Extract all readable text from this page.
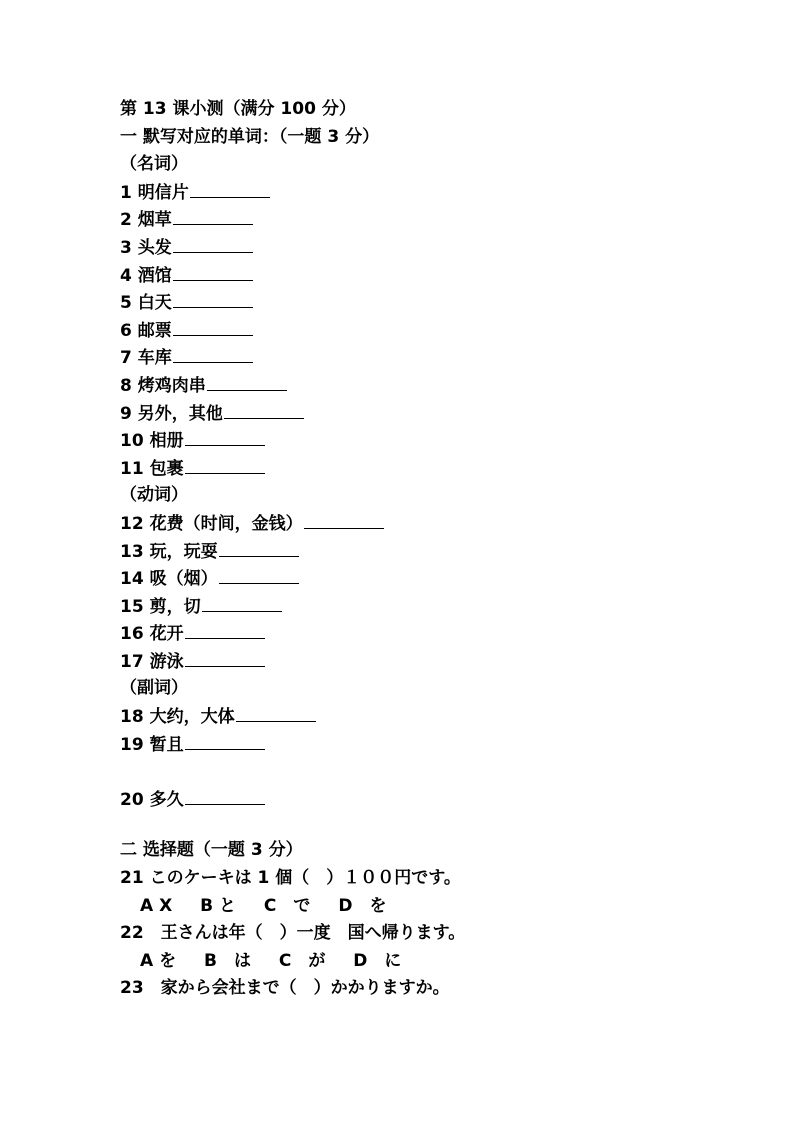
第 13 课小测（满分 100 分）
一 默写对应的单词：（一题 3 分）
（名词）
1 明信片
2 烟草
3 头发
4 酒馆
5 白天
6 邮票
7 车库
8 烤鸡肉串
9 另外，其他
10 相册
11 包裹
（动词）
12 花费（时间，金钱）
13 玩，玩耍
14 吸（烟）
15 剪，切
16 花开
17 游泳
（副词）
18 大约，大体
19 暂且
20 多久
二 选择题（一题 3 分）
21 このケーキは 1 個（　）１００円です。
A X B と C　で D　を
22　王さんは年（　）一度　国へ帰ります。
A を B　は C　が D　に
23　家から会社まで（　）かかりますか。
